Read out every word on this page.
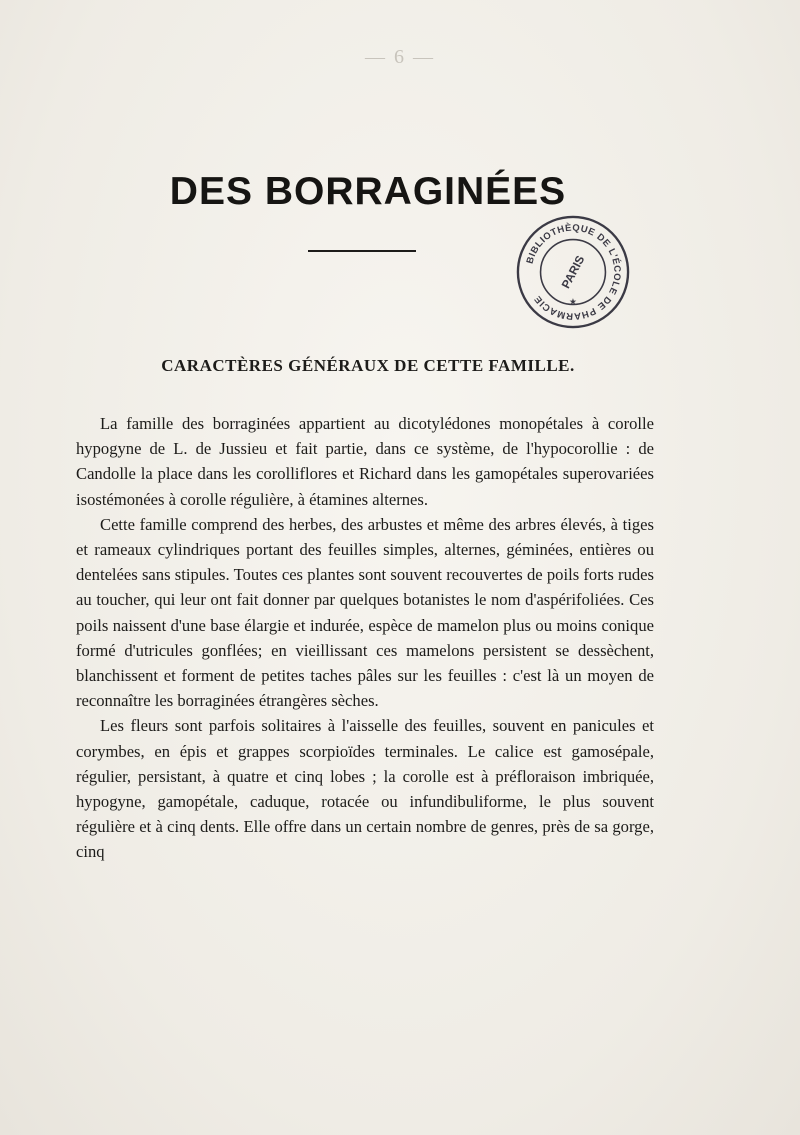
— 6 —
DES BORRAGINÉES
BIBLIOTHÈQUE DE L'ÉCOLE DE PHARMACIE
PARIS
★
CARACTÈRES GÉNÉRAUX DE CETTE FAMILLE.

La famille des borraginées appartient au dicotylédones monopétales à corolle hypogyne de L. de Jussieu et fait partie, dans ce système, de l'hypocorollie : de Candolle la place dans les corolliflores et Richard dans les gamopétales superovariées isostémonées à corolle régulière, à étamines alternes.

Cette famille comprend des herbes, des arbustes et même des arbres élevés, à tiges et rameaux cylindriques portant des feuilles simples, alternes, géminées, entières ou dentelées sans stipules. Toutes ces plantes sont souvent recouvertes de poils forts rudes au toucher, qui leur ont fait donner par quelques botanistes le nom d'aspérifoliées. Ces poils naissent d'une base élargie et indurée, espèce de mamelon plus ou moins conique formé d'utricules gonflées; en vieillissant ces mamelons persistent se dessèchent, blanchissent et forment de petites taches pâles sur les feuilles : c'est là un moyen de reconnaître les borraginées étrangères sèches.

Les fleurs sont parfois solitaires à l'aisselle des feuilles, souvent en panicules et corymbes, en épis et grappes scorpioïdes terminales. Le calice est gamosépale, régulier, persistant, à quatre et cinq lobes ; la corolle est à préfloraison imbriquée, hypogyne, gamopétale, caduque, rotacée ou infundibuliforme, le plus souvent régulière et à cinq dents. Elle offre dans un certain nombre de genres, près de sa gorge, cinq
